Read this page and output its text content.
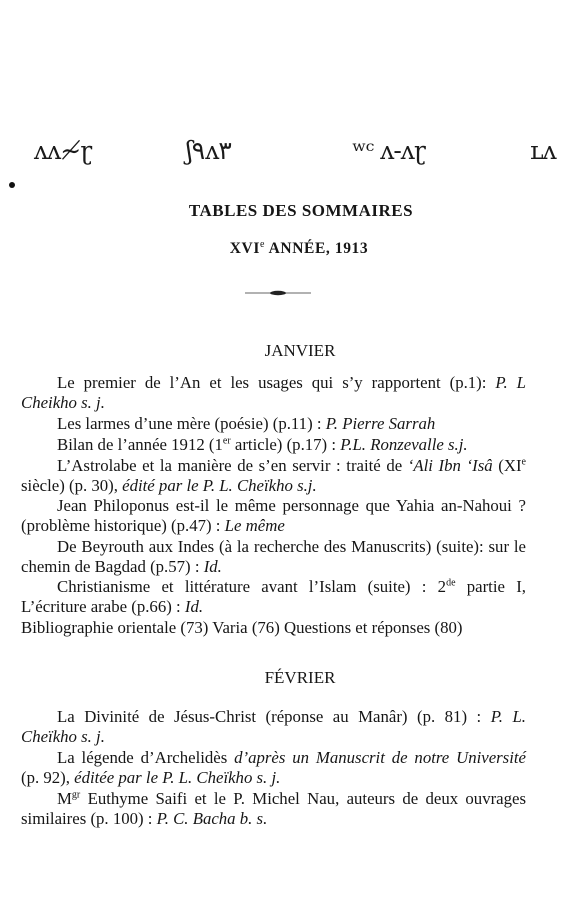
ʌʌ≁ɽ	ʃ٩ʌ٣	ʷᶜ ʌ-ʌɽ	ʟʌ
TABLES DES SOMMAIRES
XVIe ANNÉE, 1913
JANVIER
Le premier de l’An et les usages qui s’y rapportent (p.1): P. L Cheikho s. j.
Les larmes d’une mère (poésie) (p.11) : P. Pierre Sarrah
Bilan de l’année 1912 (1er article) (p.17) : P.L. Ronzevalle s.j.
L’Astrolabe et la manière de s’en servir : traité de ‘Ali Ibn ‘Isâ (XIe siècle) (p. 30), édité par le P. L. Cheïkho s.j.
Jean Philoponus est-il le même personnage que Yahia an-Nahoui ? (problème historique) (p.47) : Le même
De Beyrouth aux Indes (à la recherche des Manuscrits) (suite): sur le chemin de Bagdad (p.57) : Id.
Christianisme et littérature avant l’Islam (suite) : 2de partie I, L’écriture arabe (p.66) : Id.
Bibliographie orientale (73) Varia (76) Questions et réponses (80)
FÉVRIER
La Divinité de Jésus-Christ (réponse au Manâr) (p. 81) : P. L. Cheïkho s. j.
La légende d’Archelidès d’après un Manuscrit de notre Université (p. 92), éditée par le P. L. Cheïkho s. j.
$M^{gr}$ Euthyme Saifi et le P. Michel Nau, auteurs de deux ouvrages similaires (p. 100) : P. C. Bacha b. s.
